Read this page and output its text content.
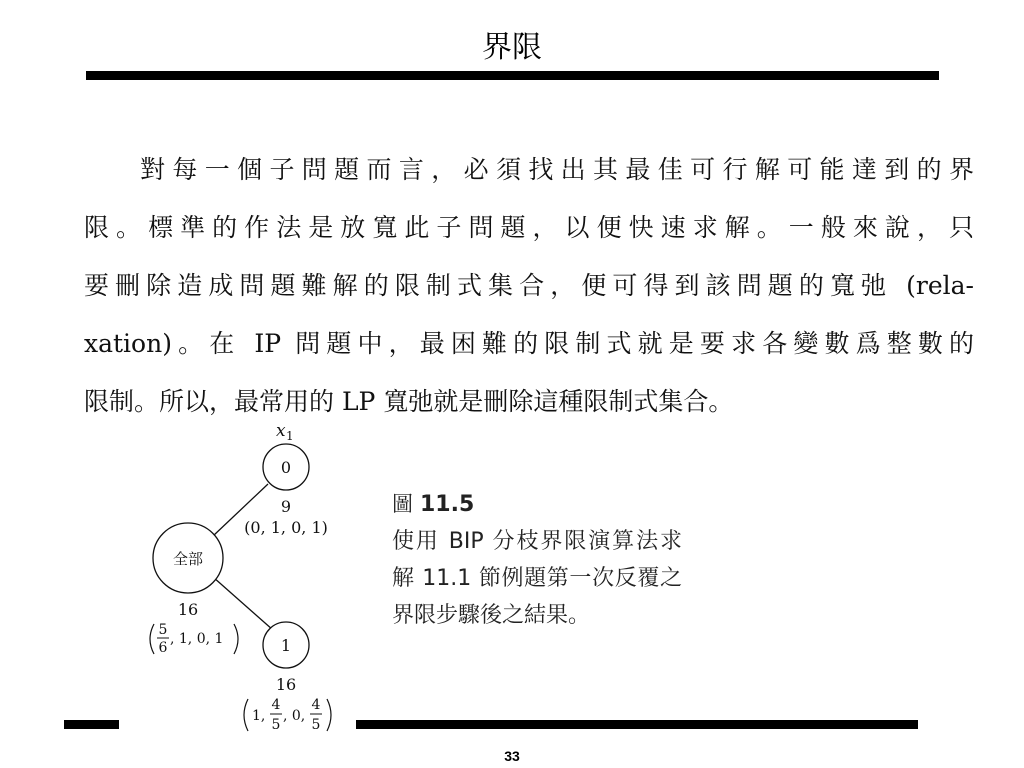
界限
對每一個子問題而言，必須找出其最佳可行解可能達到的界
限。標準的作法是放寬此子問題，以便快速求解。一般來說，只
要刪除造成問題難解的限制式集合，便可得到該問題的寬弛 (rela-
xation)。在 IP 問題中，最困難的限制式就是要求各變數爲整數的
限制。所以，最常用的 LP 寬弛就是刪除這種限制式集合。
x 1
0
9
(0, 1, 0, 1)
全部
16
5
6
, 1, 0, 1	1
16
1,
4
5
, 0,
4
5
圖 11.5
使用 BIP 分枝界限演算法求解 11.1 節例題第一次反覆之界限步驟後之結果。
33
